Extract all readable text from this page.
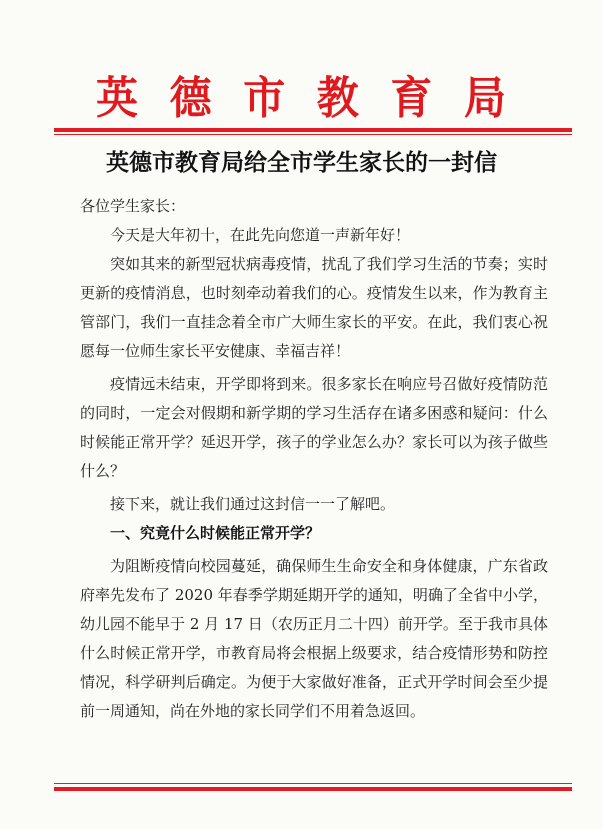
英 德 市 教 育 局
英德市教育局给全市学生家长的一封信

各位学生家长：

今天是大年初十，在此先向您道一声新年好！

突如其来的新型冠状病毒疫情，扰乱了我们学习生活的节奏；实时更新的疫情消息，也时刻牵动着我们的心。疫情发生以来，作为教育主管部门，我们一直挂念着全市广大师生家长的平安。在此，我们衷心祝愿每一位师生家长平安健康、幸福吉祥！

疫情远未结束，开学即将到来。很多家长在响应号召做好疫情防范的同时，一定会对假期和新学期的学习生活存在诸多困惑和疑问：什么时候能正常开学？延迟开学，孩子的学业怎么办？家长可以为孩子做些什么？

接下来，就让我们通过这封信一一了解吧。

一、究竟什么时候能正常开学？

为阻断疫情向校园蔓延，确保师生生命安全和身体健康，广东省政府率先发布了 2020 年春季学期延期开学的通知，明确了全省中小学，幼儿园不能早于 2 月 17 日（农历正月二十四）前开学。至于我市具体什么时候正常开学，市教育局将会根据上级要求，结合疫情形势和防控情况，科学研判后确定。为便于大家做好准备，正式开学时间会至少提前一周通知，尚在外地的家长同学们不用着急返回。
